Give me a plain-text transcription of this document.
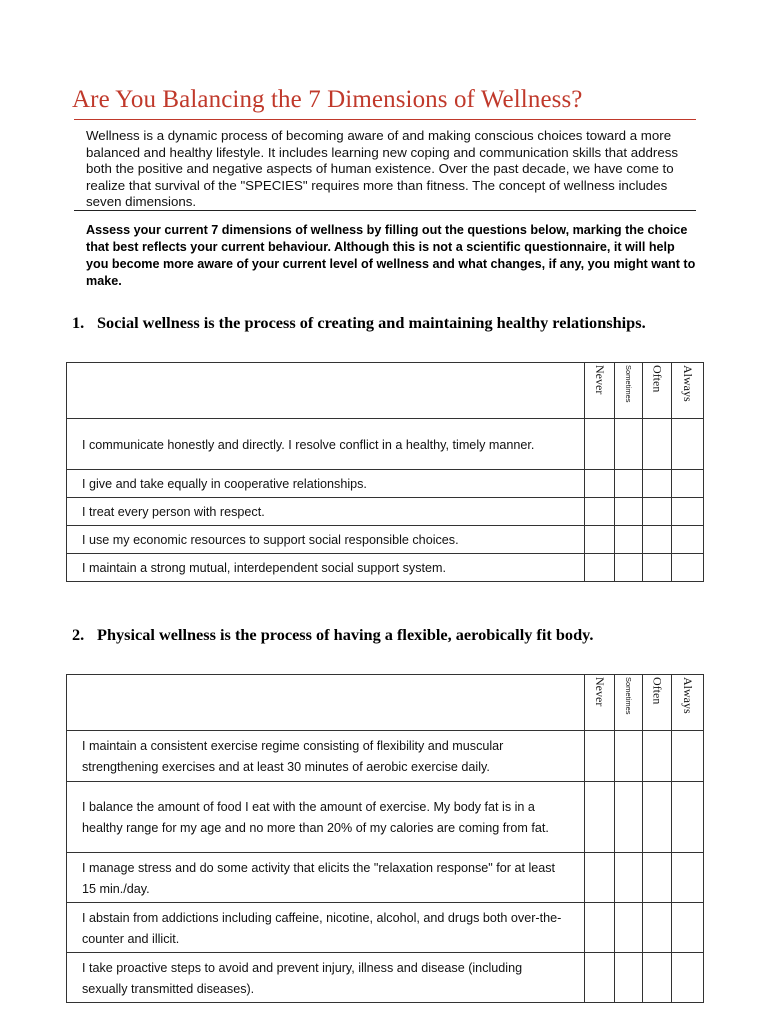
Are You Balancing the 7 Dimensions of Wellness?
Wellness is a dynamic process of becoming aware of and making conscious choices toward a more balanced and healthy lifestyle. It includes learning new coping and communication skills that address both the positive and negative aspects of human existence. Over the past decade, we have come to realize that survival of the "SPECIES" requires more than fitness. The concept of wellness includes seven dimensions.
Assess your current 7 dimensions of wellness by filling out the questions below, marking the choice that best reflects your current behaviour. Although this is not a scientific questionnaire, it will help you become more aware of your current level of wellness and what changes, if any, you might want to make.
1. Social wellness is the process of creating and maintaining healthy relationships.

	Never	Sometimes	Often	Always

I communicate honestly and directly. I resolve conflict in a healthy, timely manner.				
I give and take equally in cooperative relationships.				
I treat every person with respect.				
I use my economic resources to support social responsible choices.				
I maintain a strong mutual, interdependent social support system.				
2. Physical wellness is the process of having a flexible, aerobically fit body.

	Never	Sometimes	Often	Always

I maintain a consistent exercise regime consisting of flexibility and muscular strengthening exercises and at least 30 minutes of aerobic exercise daily.				
I balance the amount of food I eat with the amount of exercise. My body fat is in a healthy range for my age and no more than 20% of my calories are coming from fat.				
I manage stress and do some activity that elicits the "relaxation response" for at least 15 min./day.				
I abstain from addictions including caffeine, nicotine, alcohol, and drugs both over-the-counter and illicit.				
I take proactive steps to avoid and prevent injury, illness and disease (including sexually transmitted diseases).				
